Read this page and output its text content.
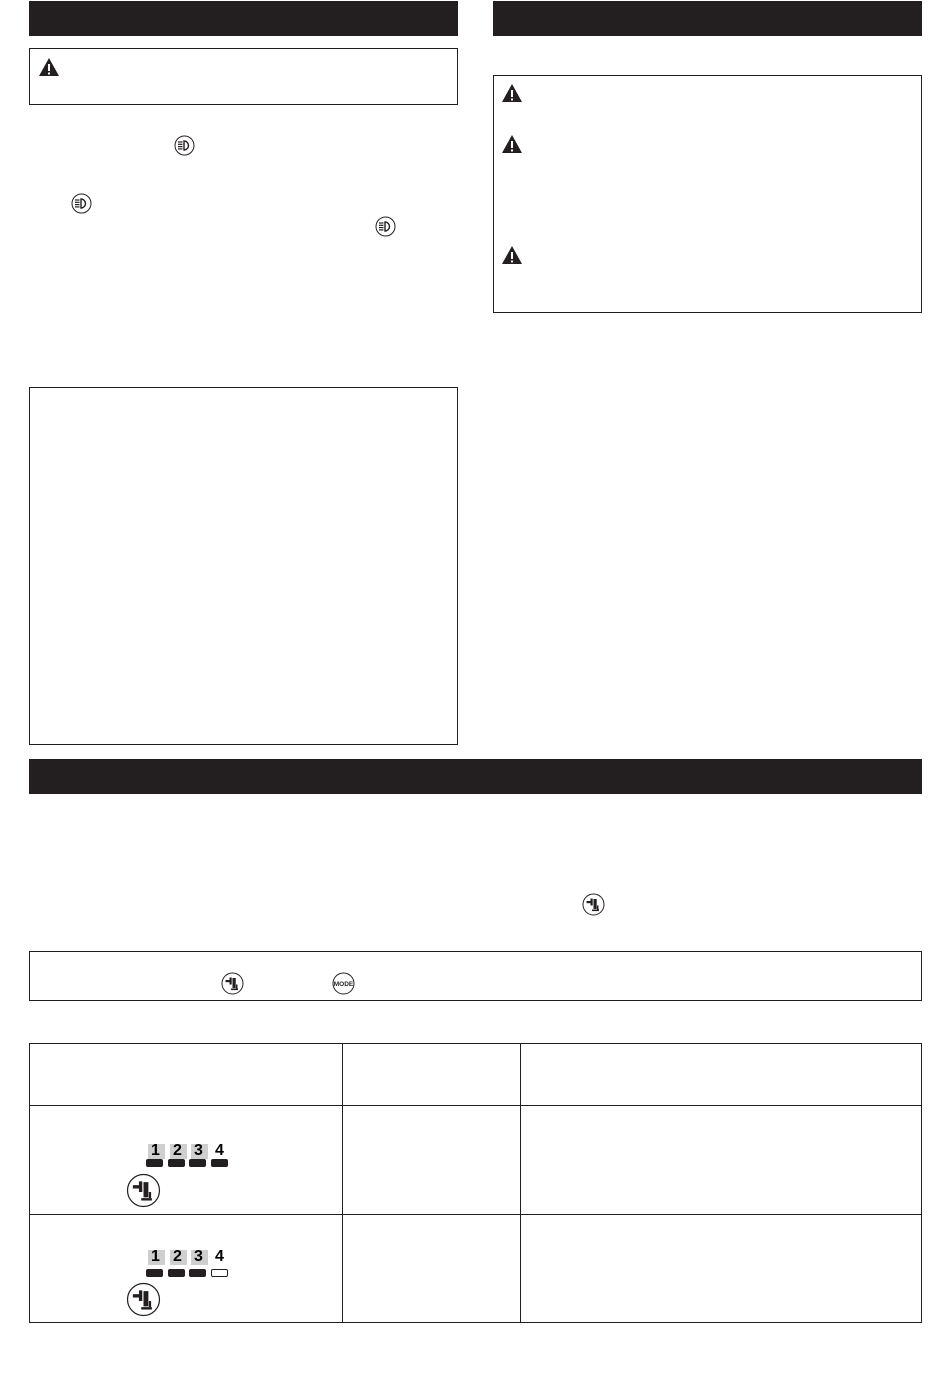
MODE
1 2 3 4
1 2 3 4
